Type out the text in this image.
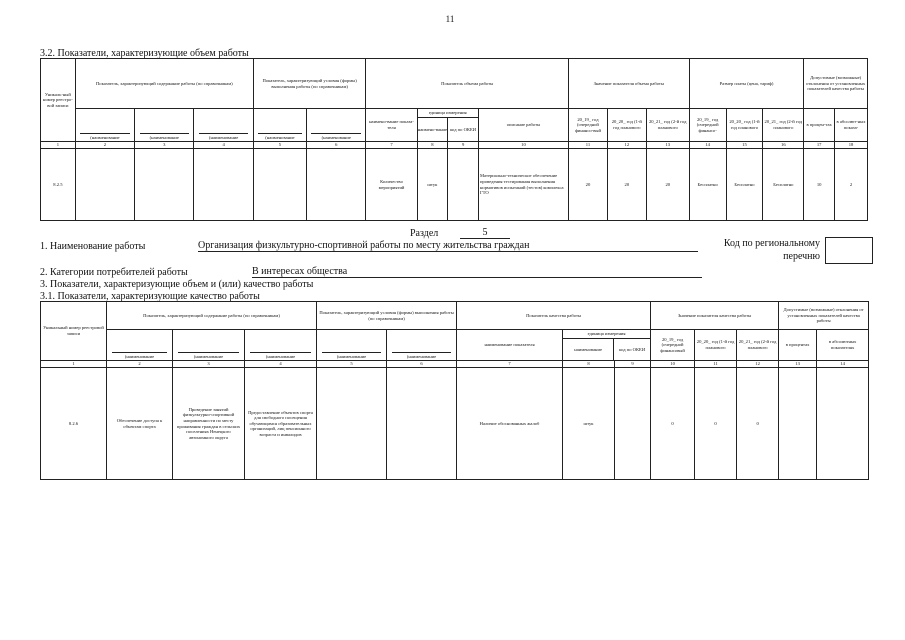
11
3.2. Показатели, характеризующие объем работы
Уникаль-ный номер реестро-вой записи	Показатель, характеризующий содержание работы (по справочникам)			Показатель, характеризующий условия (формы) выполнения работы (по справочникам)		Показатель объема работы				Значение показателя объема работы			Размер платы (цена, тариф)			Допустимые (возможные) отклонения от установленных показателей качества работы	

(наименование	(наименование	(наименование	(наименование	(наименование	наимено-вание показа-теля	единица измерения
наимено-вание код по ОКЕИ		описание работы	20_19_ год (очередной финансо-вый	20_20_ год (1-й год планового	20_21_ год (2-й год планового	20_19_ год (очередной финансо-	20_20_ год (1-й год планового	20_21_ год (2-й год планового	в процен-тах	в абсолют-ных показа-
1	2	3	4	5	6	7	8	9	10	11	12	13	14	15	16	17	18
8.2.5						Количество мероприятий	штук		Материально-техническое обеспечение проведения тестирования выполнения нормативов испытаний (тестов) комплекса ГТО	20	20	20	Бесплатно	Бесплатно	Бесплатно	10	2
Раздел	5
1. Наименование работы	Организация физкультурно-спортивной работы по месту жительства граждан	Код по региональному
перечню
2. Категории потребителей работы	В интересах общества
3. Показатели, характеризующие объем и (или) качество работы
3.1. Показатели, характеризующие качество работы
Уникальный номер реестровой записи	Показатель, характеризующий содержание работы (по справочникам)			Показатель, характеризующий условия (формы) выполнения работы (по справочникам)		Показатель качества работы			Значение показателя качества работы			Допустимые (возможные) отклонения от установленных показателей качества работы	

(наименование	(наименование	(наименование	(наименование	(наименование	наименование показателя	единица измерения
наименование код по ОКЕИ		20_19_ год (очередной финансовый	20_20_ год (1-й год планового	20_21_ год (2-й год планового	в процентах	в абсолютных показателях
1	2	3	4	5	6	7	8	9	10	11	12	13	14
8.2.6	Обеспечение доступа к объектам спорта	Проведение занятий физкультурно-спортивной направленности по месту проживания граждан в сельских поселениях Ненецкого автономного округа	Предоставление объектов спорта для свободного посещения обучающимся образовательных организаций, лиц пенсионного возраста и инвалидов			Наличие обоснованных жалоб	штук		0	0	0		
